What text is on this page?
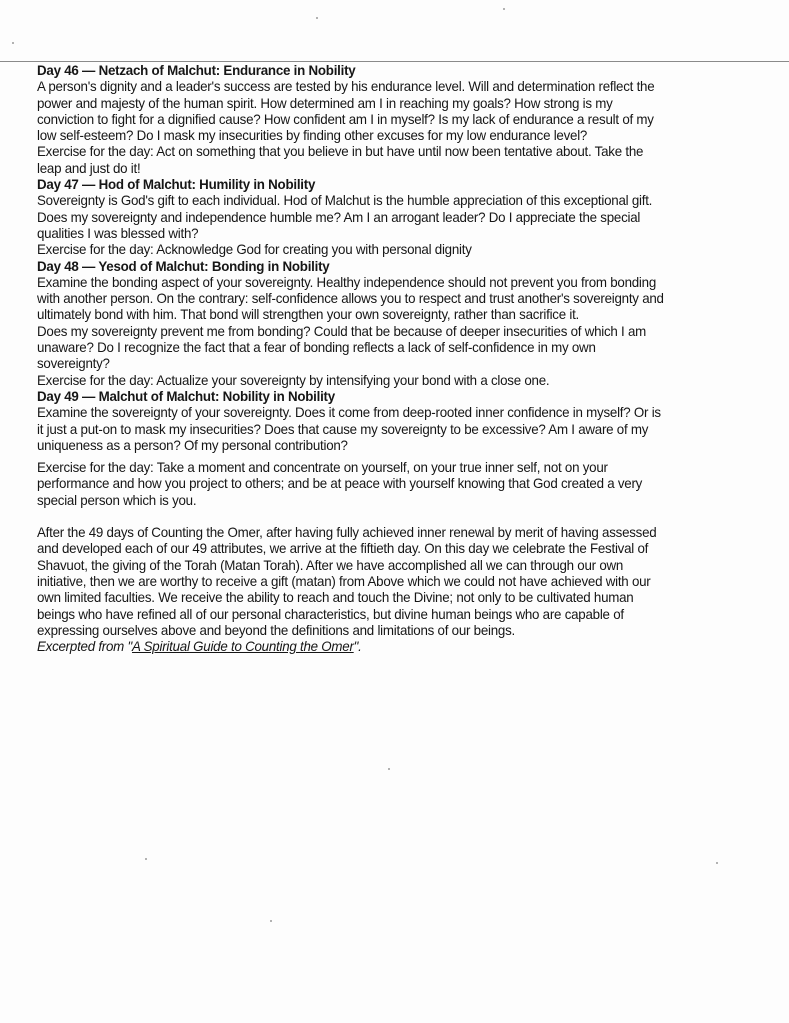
Day 46 — Netzach of Malchut: Endurance in Nobility
A person's dignity and a leader's success are tested by his endurance level. Will and determination reflect the
power and majesty of the human spirit. How determined am I in reaching my goals? How strong is my
conviction to fight for a dignified cause? How confident am I in myself? Is my lack of endurance a result of my
low self-esteem? Do I mask my insecurities by finding other excuses for my low endurance level?
Exercise for the day: Act on something that you believe in but have until now been tentative about. Take the
leap and just do it!
Day 47 — Hod of Malchut: Humility in Nobility
Sovereignty is God's gift to each individual. Hod of Malchut is the humble appreciation of this exceptional gift.
Does my sovereignty and independence humble me? Am I an arrogant leader? Do I appreciate the special
qualities I was blessed with?
Exercise for the day: Acknowledge God for creating you with personal dignity
Day 48 — Yesod of Malchut: Bonding in Nobility
Examine the bonding aspect of your sovereignty. Healthy independence should not prevent you from bonding
with another person. On the contrary: self-confidence allows you to respect and trust another's sovereignty and
ultimately bond with him. That bond will strengthen your own sovereignty, rather than sacrifice it.
Does my sovereignty prevent me from bonding? Could that be because of deeper insecurities of which I am
unaware? Do I recognize the fact that a fear of bonding reflects a lack of self-confidence in my own
sovereignty?
Exercise for the day: Actualize your sovereignty by intensifying your bond with a close one.
Day 49 — Malchut of Malchut: Nobility in Nobility
Examine the sovereignty of your sovereignty. Does it come from deep-rooted inner confidence in myself? Or is
it just a put-on to mask my insecurities? Does that cause my sovereignty to be excessive? Am I aware of my
uniqueness as a person? Of my personal contribution?
Exercise for the day: Take a moment and concentrate on yourself, on your true inner self, not on your
performance and how you project to others; and be at peace with yourself knowing that God created a very
special person which is you.
After the 49 days of Counting the Omer, after having fully achieved inner renewal by merit of having assessed
and developed each of our 49 attributes, we arrive at the fiftieth day. On this day we celebrate the Festival of
Shavuot, the giving of the Torah (Matan Torah). After we have accomplished all we can through our own
initiative, then we are worthy to receive a gift (matan) from Above which we could not have achieved with our
own limited faculties. We receive the ability to reach and touch the Divine; not only to be cultivated human
beings who have refined all of our personal characteristics, but divine human beings who are capable of
expressing ourselves above and beyond the definitions and limitations of our beings.
Excerpted from "A Spiritual Guide to Counting the Omer".
